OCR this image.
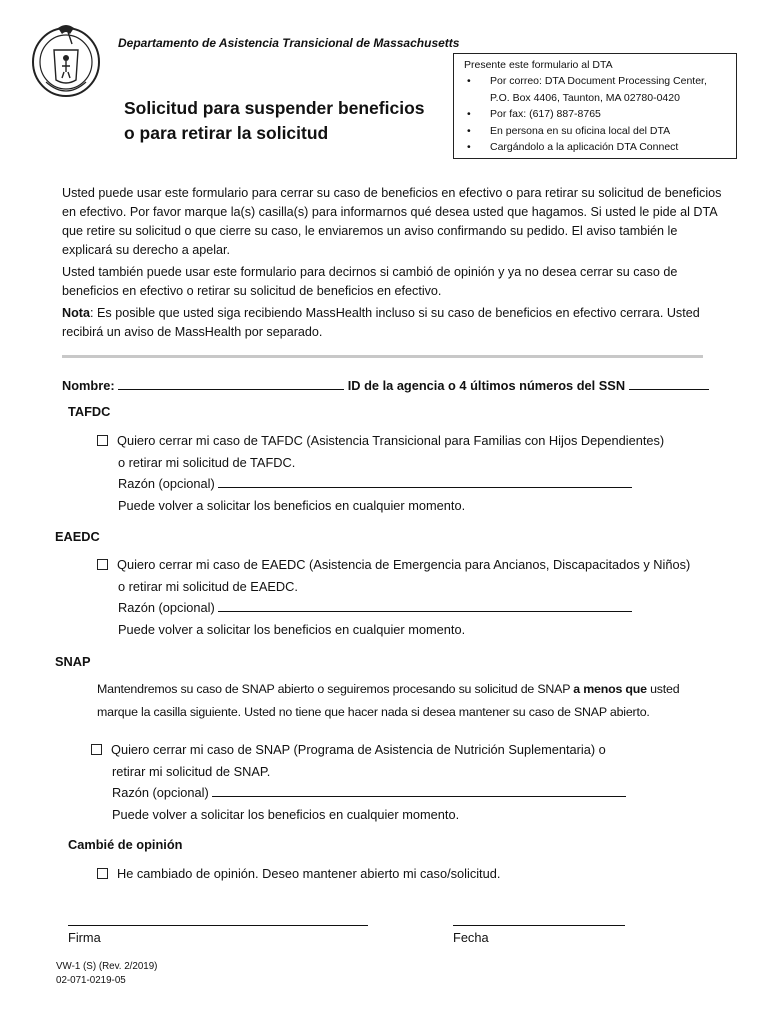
Departamento de Asistencia Transicional de Massachusetts
Solicitud para suspender beneficios
o para retirar la solicitud
Presente este formulario al DTA
• Por correo: DTA Document Processing Center,
P.O. Box 4406, Taunton, MA 02780-0420
• Por fax: (617) 887-8765
• En persona en su oficina local del DTA
• Cargándolo a la aplicación DTA Connect

Usted puede usar este formulario para cerrar su caso de beneficios en efectivo o para retirar su solicitud de beneficios en efectivo. Por favor marque la(s) casilla(s) para informarnos qué desea usted que hagamos. Si usted le pide al DTA que retire su solicitud o que cierre su caso, le enviaremos un aviso confirmando su pedido. El aviso también le explicará su derecho a apelar.

Usted también puede usar este formulario para decirnos si cambió de opinión y ya no desea cerrar su caso de beneficios en efectivo o retirar su solicitud de beneficios en efectivo.

Nota: Es posible que usted siga recibiendo MassHealth incluso si su caso de beneficios en efectivo cerrara. Usted recibirá un aviso de MassHealth por separado.

Nombre:	ID de la agencia o 4 últimos números del SSN
TAFDC
Quiero cerrar mi caso de TAFDC (Asistencia Transicional para Familias con Hijos Dependientes)
o retirar mi solicitud de TAFDC.
Razón (opcional)
Puede volver a solicitar los beneficios en cualquier momento.
EAEDC
Quiero cerrar mi caso de EAEDC (Asistencia de Emergencia para Ancianos, Discapacitados y Niños)
o retirar mi solicitud de EAEDC.
Razón (opcional)
Puede volver a solicitar los beneficios en cualquier momento.
SNAP

Mantendremos su caso de SNAP abierto o seguiremos procesando su solicitud de SNAP a menos que usted

marque la casilla siguiente. Usted no tiene que hacer nada si desea mantener su caso de SNAP abierto.

Quiero cerrar mi caso de SNAP (Programa de Asistencia de Nutrición Suplementaria) o
retirar mi solicitud de SNAP.
Razón (opcional)
Puede volver a solicitar los beneficios en cualquier momento.
Cambié de opinión
He cambiado de opinión. Deseo mantener abierto mi caso/solicitud.
Firma	Fecha
VW-1 (S) (Rev. 2/2019)
02-071-0219-05
